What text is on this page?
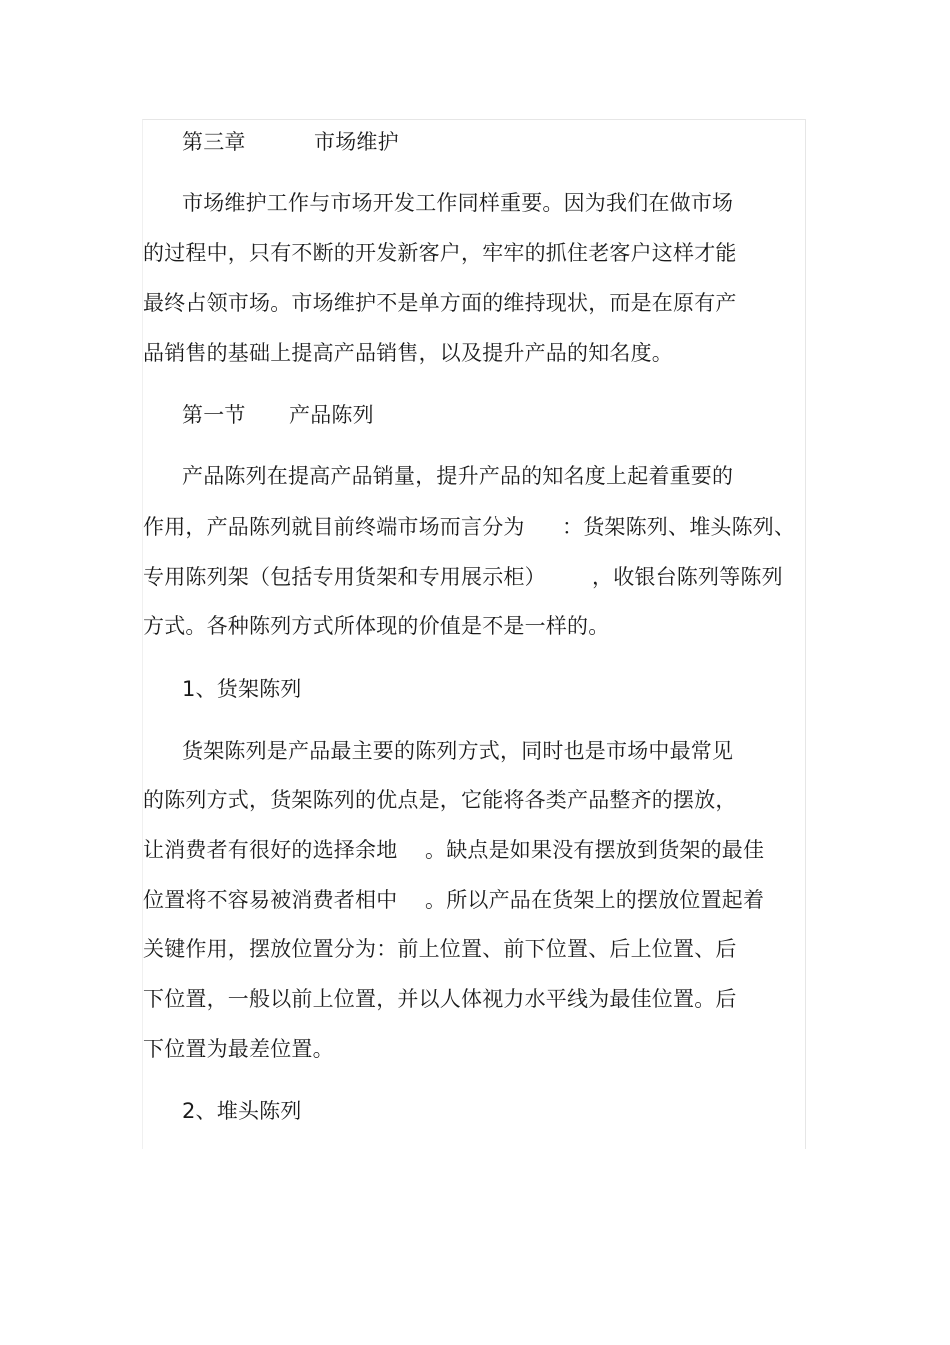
第三章	市场维护
市场维护工作与市场开发工作同样重要。因为我们在做市场
的过程中，只有不断的开发新客户，牢牢的抓住老客户这样才能
最终占领市场。市场维护不是单方面的维持现状，而是在原有产
品销售的基础上提高产品销售，以及提升产品的知名度。
第一节 产品陈列
产品陈列在提高产品销量，提升产品的知名度上起着重要的
作用，产品陈列就目前终端市场而言分为 ：货架陈列、堆头陈列、
专用陈列架（包括专用货架和专用展示柜） ，收银台陈列等陈列
方式。各种陈列方式所体现的价值是不是一样的。
1、货架陈列
货架陈列是产品最主要的陈列方式，同时也是市场中最常见
的陈列方式，货架陈列的优点是，它能将各类产品整齐的摆放，
让消费者有很好的选择余地 。缺点是如果没有摆放到货架的最佳
位置将不容易被消费者相中 。所以产品在货架上的摆放位置起着
关键作用，摆放位置分为：前上位置、前下位置、后上位置、后
下位置，一般以前上位置，并以人体视力水平线为最佳位置。后
下位置为最差位置。
2、堆头陈列
